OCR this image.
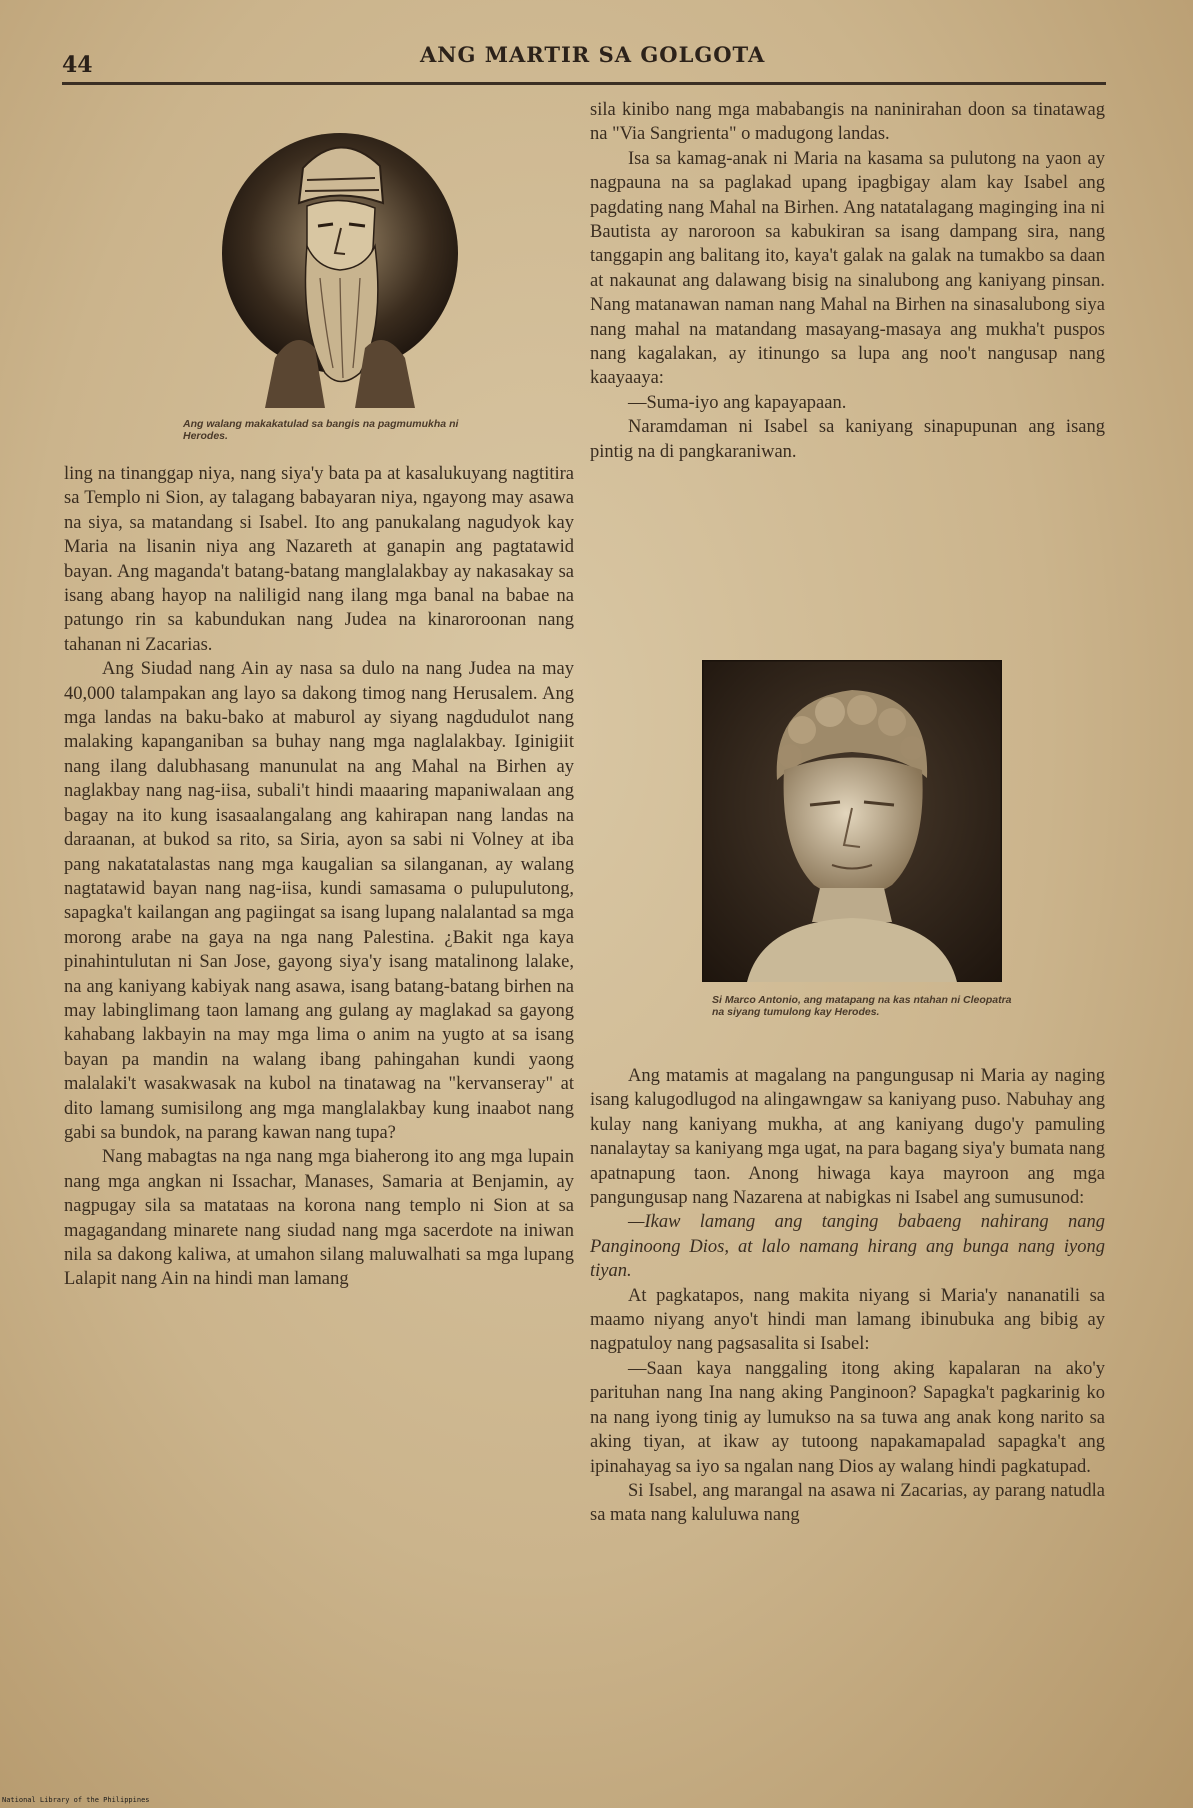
44	ANG MARTIR SA GOLGOTA
Ang walang makakatulad sa bangis na pagmumukha ni Herodes.

ling na tinanggap niya, nang siya'y bata pa at kasalukuyang nagtitira sa Templo ni Sion, ay talagang babayaran niya, ngayong may asawa na siya, sa matandang si Isabel. Ito ang panukalang nagudyok kay Maria na lisanin niya ang Nazareth at ganapin ang pagtatawid bayan. Ang maganda't batang-batang manglalakbay ay nakasakay sa isang abang hayop na naliligid nang ilang mga banal na babae na patungo rin sa kabundukan nang Judea na kinaroroonan nang tahanan ni Zacarias.

Ang Siudad nang Ain ay nasa sa dulo na nang Judea na may 40,000 talampakan ang layo sa dakong timog nang Herusalem. Ang mga landas na baku-bako at maburol ay siyang nagdudulot nang malaking kapanganiban sa buhay nang mga naglalakbay. Iginigiit nang ilang dalubhasang manunulat na ang Mahal na Birhen ay naglakbay nang nag-iisa, subali't hindi maaaring mapaniwalaan ang bagay na ito kung isasaalangalang ang kahirapan nang landas na daraanan, at bukod sa rito, sa Siria, ayon sa sabi ni Volney at iba pang nakatatalastas nang mga kaugalian sa silanganan, ay walang nagtatawid bayan nang nag-iisa, kundi samasama o pulupulutong, sapagka't kailangan ang pagiingat sa isang lupang nalalantad sa mga morong arabe na gaya na nga nang Palestina. ¿Bakit nga kaya pinahintulutan ni San Jose, gayong siya'y isang matalinong lalake, na ang kaniyang kabiyak nang asawa, isang batang-batang birhen na may labinglimang taon lamang ang gulang ay maglakad sa gayong kahabang lakbayin na may mga lima o anim na yugto at sa isang bayan pa mandin na walang ibang pahingahan kundi yaong malalaki't wasakwasak na kubol na tinatawag na "kervanseray" at dito lamang sumisilong ang mga manglalakbay kung inaabot nang gabi sa bundok, na parang kawan nang tupa?

Nang mabagtas na nga nang mga biaherong ito ang mga lupain nang mga angkan ni Issachar, Manases, Samaria at Benjamin, ay nagpugay sila sa matataas na korona nang templo ni Sion at sa magagandang minarete nang siudad nang mga sacerdote na iniwan nila sa dakong kaliwa, at umahon silang maluwalhati sa mga lupang Lalapit nang Ain na hindi man lamang

sila kinibo nang mga mababangis na naninirahan doon sa tinatawag na "Via Sangrienta" o madugong landas.

Isa sa kamag-anak ni Maria na kasama sa pulutong na yaon ay nagpauna na sa paglakad upang ipagbigay alam kay Isabel ang pagdating nang Mahal na Birhen. Ang natatalagang maginging ina ni Bautista ay naroroon sa kabukiran sa isang dampang sira, nang tanggapin ang balitang ito, kaya't galak na galak na tumakbo sa daan at nakaunat ang dalawang bisig na sinalubong ang kaniyang pinsan. Nang matanawan naman nang Mahal na Birhen na sinasalubong siya nang mahal na matandang masayang-masaya ang mukha't puspos nang kagalakan, ay itinungo sa lupa ang noo't nangusap nang kaayaaya:

—Suma-iyo ang kapayapaan.

Naramdaman ni Isabel sa kaniyang sinapupunan ang isang pintig na di pangkaraniwan.

Si Marco Antonio, ang matapang na kas ntahan ni Cleopatra na siyang tumulong kay Herodes.

Ang matamis at magalang na pangungusap ni Maria ay naging isang kalugodlugod na alingawngaw sa kaniyang puso. Nabuhay ang kulay nang kaniyang mukha, at ang kaniyang dugo'y pamuling nanalaytay sa kaniyang mga ugat, na para bagang siya'y bumata nang apatnapung taon. Anong hiwaga kaya mayroon ang mga pangungusap nang Nazarena at nabigkas ni Isabel ang sumusunod:

—Ikaw lamang ang tanging babaeng nahirang nang Panginoong Dios, at lalo namang hirang ang bunga nang iyong tiyan.

At pagkatapos, nang makita niyang si Maria'y nananatili sa maamo niyang anyo't hindi man lamang ibinubuka ang bibig ay nagpatuloy nang pagsasalita si Isabel:

—Saan kaya nanggaling itong aking kapalaran na ako'y parituhan nang Ina nang aking Panginoon? Sapagka't pagkarinig ko na nang iyong tinig ay lumukso na sa tuwa ang anak kong narito sa aking tiyan, at ikaw ay tutoong napakamapalad sapagka't ang ipinahayag sa iyo sa ngalan nang Dios ay walang hindi pagkatupad.

Si Isabel, ang marangal na asawa ni Zacarias, ay parang natudla sa mata nang kaluluwa nang

National Library of the Philippines
